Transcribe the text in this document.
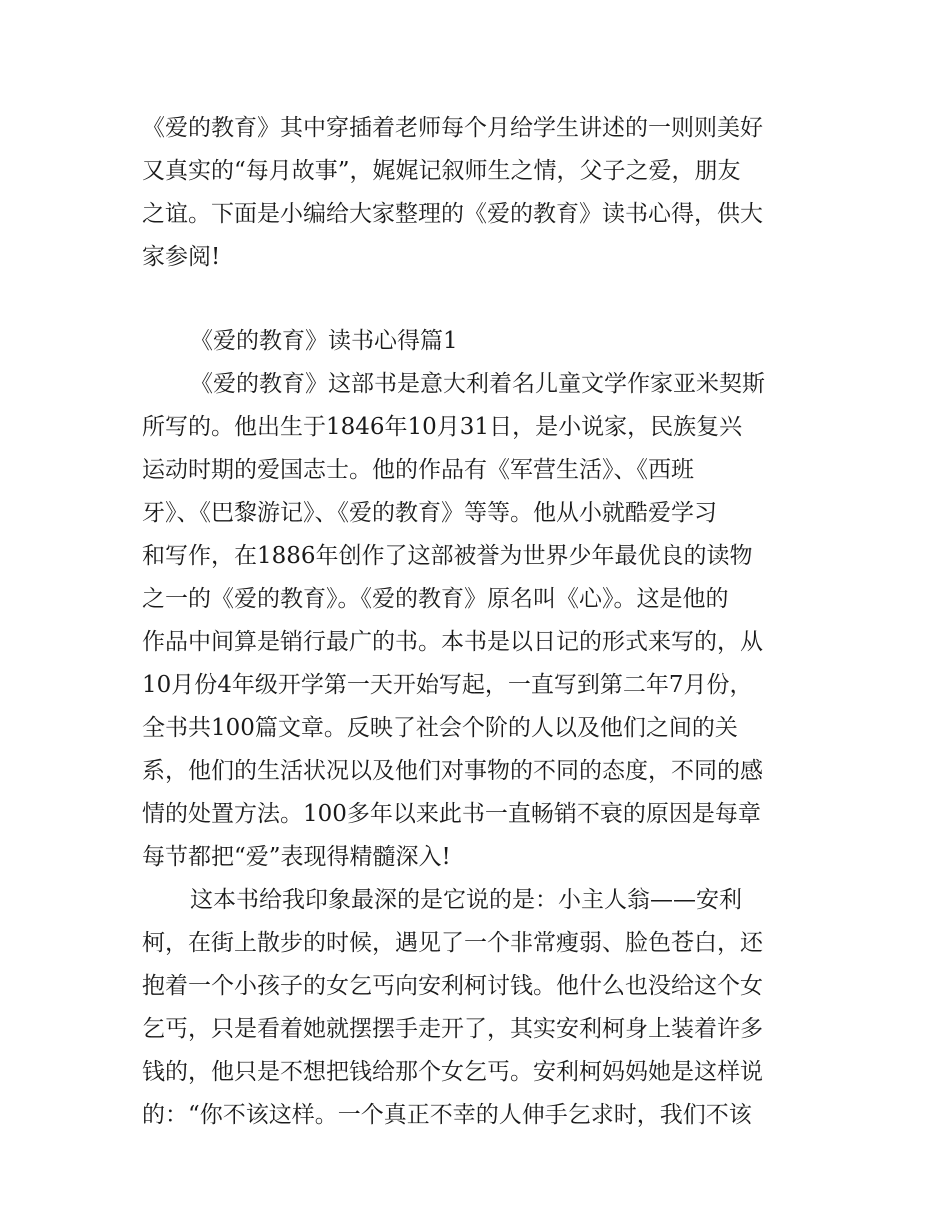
《爱的教育》其中穿插着老师每个月给学生讲述的一则则美好
又真实的“每月故事”，娓娓记叙师生之情，父子之爱，朋友
之谊。下面是小编给大家整理的《爱的教育》读书心得，供大
家参阅!
《爱的教育》读书心得篇1
《爱的教育》这部书是意大利着名儿童文学作家亚米契斯
所写的。他出生于1846年10月31日，是小说家，民族复兴
运动时期的爱国志士。他的作品有《军营生活》、《西班
牙》、《巴黎游记》、《爱的教育》等等。他从小就酷爱学习
和写作，在1886年创作了这部被誉为世界少年最优良的读物
之一的《爱的教育》。《爱的教育》原名叫《心》。这是他的
作品中间算是销行最广的书。本书是以日记的形式来写的，从
10月份4年级开学第一天开始写起，一直写到第二年7月份，
全书共100篇文章。反映了社会个阶的人以及他们之间的关
系，他们的生活状况以及他们对事物的不同的态度，不同的感
情的处置方法。100多年以来此书一直畅销不衰的原因是每章
每节都把“爱”表现得精髓深入!
这本书给我印象最深的是它说的是：小主人翁——安利
柯，在街上散步的时候，遇见了一个非常瘦弱、脸色苍白，还
抱着一个小孩子的女乞丐向安利柯讨钱。他什么也没给这个女
乞丐，只是看着她就摆摆手走开了，其实安利柯身上装着许多
钱的，他只是不想把钱给那个女乞丐。安利柯妈妈她是这样说
的：“你不该这样。一个真正不幸的人伸手乞求时，我们不该
